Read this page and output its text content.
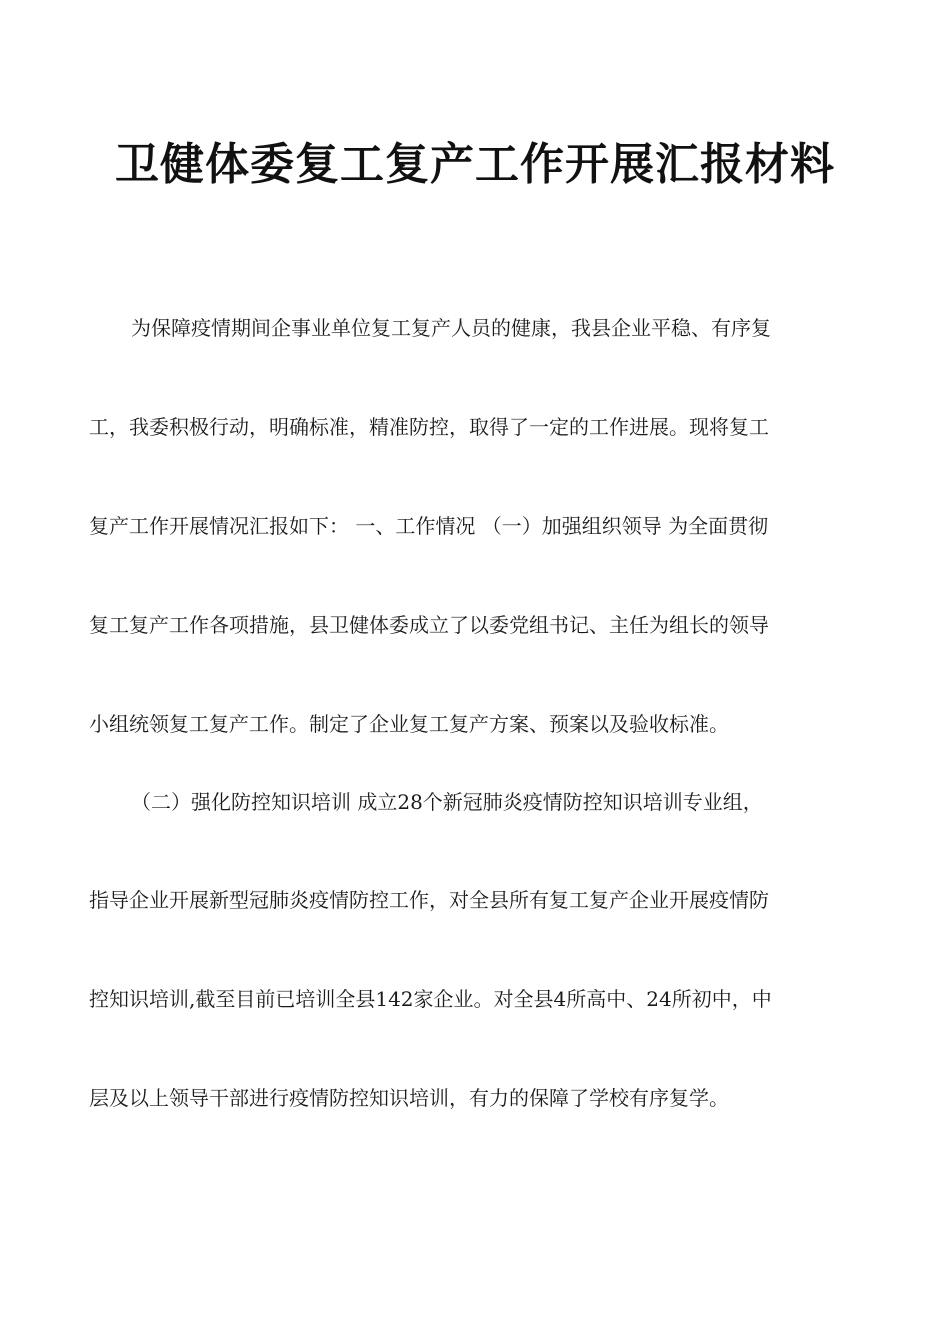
卫健体委复工复产工作开展汇报材料

为保障疫情期间企事业单位复工复产人员的健康，我县企业平稳、有序复

工，我委积极行动，明确标准，精准防控，取得了一定的工作进展。现将复工

复产工作开展情况汇报如下： 一、工作情况 （一）加强组织领导 为全面贯彻

复工复产工作各项措施，县卫健体委成立了以委党组书记、主任为组长的领导

小组统领复工复产工作。制定了企业复工复产方案、预案以及验收标准。

（二）强化防控知识培训 成立28个新冠肺炎疫情防控知识培训专业组，

指导企业开展新型冠肺炎疫情防控工作，对全县所有复工复产企业开展疫情防

控知识培训,截至目前已培训全县142家企业。对全县4所高中、24所初中，中

层及以上领导干部进行疫情防控知识培训，有力的保障了学校有序复学。
